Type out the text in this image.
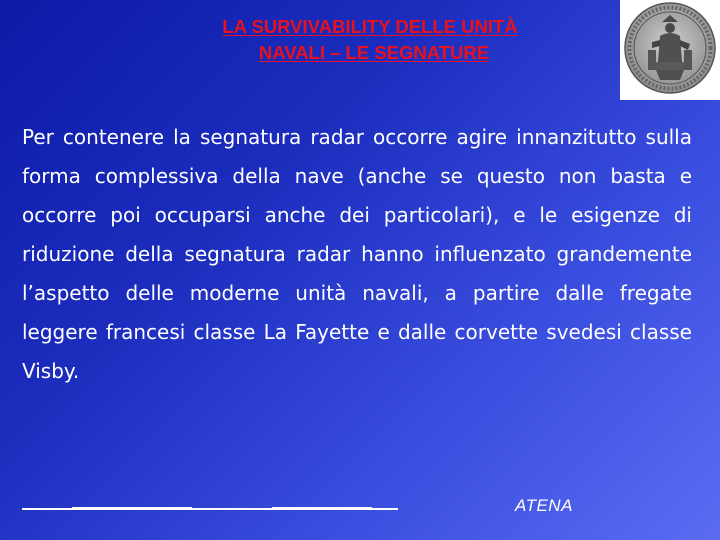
LA SURVIVABILITY DELLE UNITÀ
NAVALI – LE SEGNATURE
Per contenere la segnatura radar occorre agire innanzitutto sulla forma complessiva della nave (anche se questo non basta e occorre poi occuparsi anche dei particolari), e le esigenze di riduzione della segnatura radar hanno influenzato grandemente l’aspetto delle moderne unità navali, a partire dalle fregate leggere francesi classe La Fayette e dalle corvette svedesi classe Visby.
ATENA
